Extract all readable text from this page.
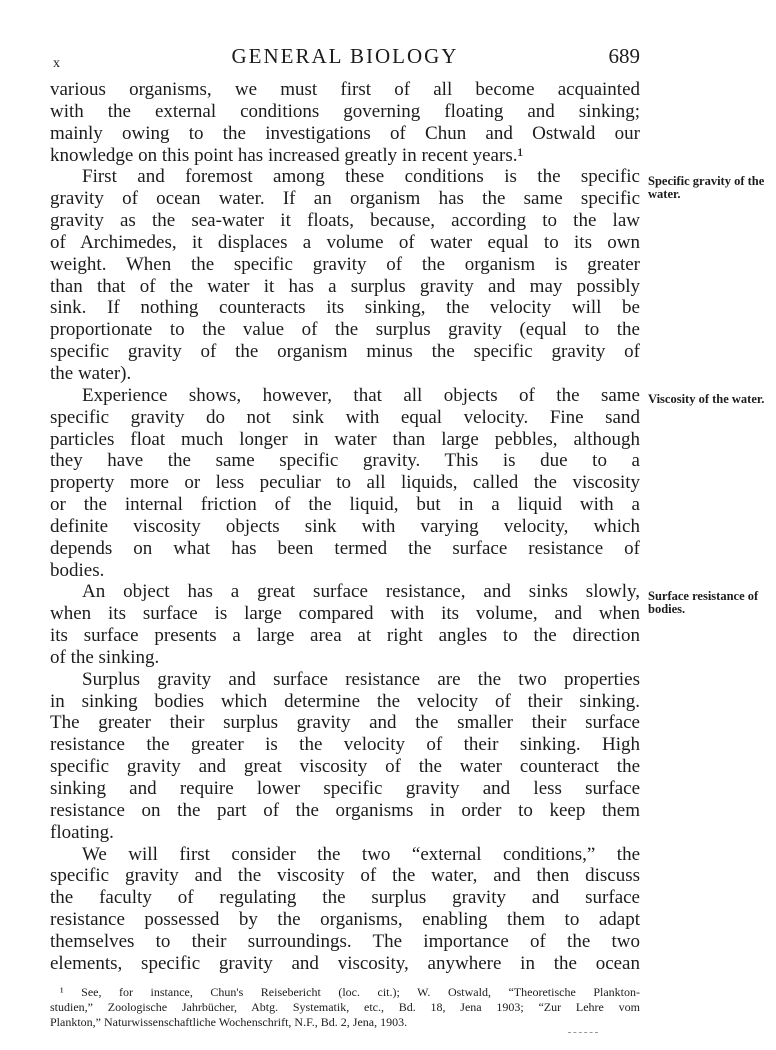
x	GENERAL BIOLOGY	689
various organisms, we must first of all become acquainted
with the external conditions governing floating and sinking;
mainly owing to the investigations of Chun and Ostwald our
knowledge on this point has increased greatly in recent years.¹
First and foremost among these conditions is the specific
gravity of ocean water. If an organism has the same specific
gravity as the sea-water it floats, because, according to the law
of Archimedes, it displaces a volume of water equal to its own
weight. When the specific gravity of the organism is greater
than that of the water it has a surplus gravity and may possibly
sink. If nothing counteracts its sinking, the velocity will be
proportionate to the value of the surplus gravity (equal to the
specific gravity of the organism minus the specific gravity of
the water).
Experience shows, however, that all objects of the same
specific gravity do not sink with equal velocity. Fine sand
particles float much longer in water than large pebbles, although
they have the same specific gravity. This is due to a
property more or less peculiar to all liquids, called the viscosity
or the internal friction of the liquid, but in a liquid with a
definite viscosity objects sink with varying velocity, which
depends on what has been termed the surface resistance of
bodies.
An object has a great surface resistance, and sinks slowly,
when its surface is large compared with its volume, and when
its surface presents a large area at right angles to the direction
of the sinking.
Surplus gravity and surface resistance are the two properties
in sinking bodies which determine the velocity of their sinking.
The greater their surplus gravity and the smaller their surface
resistance the greater is the velocity of their sinking. High
specific gravity and great viscosity of the water counteract the
sinking and require lower specific gravity and less surface
resistance on the part of the organisms in order to keep them
floating.
We will first consider the two “external conditions,” the
specific gravity and the viscosity of the water, and then discuss
the faculty of regulating the surplus gravity and surface
resistance possessed by the organisms, enabling them to adapt
themselves to their surroundings. The importance of the two
elements, specific gravity and viscosity, anywhere in the ocean
Specific gravity of the water.
Viscosity of the water.
Surface resistance of bodies.
¹ See, for instance, Chun's Reisebericht (loc. cit.); W. Ostwald, “Theoretische Plankton-
studien,” Zoologische Jahrbücher, Abtg. Systematik, etc., Bd. 18, Jena 1903; “Zur Lehre vom
Plankton,” Naturwissenschaftliche Wochenschrift, N.F., Bd. 2, Jena, 1903.
